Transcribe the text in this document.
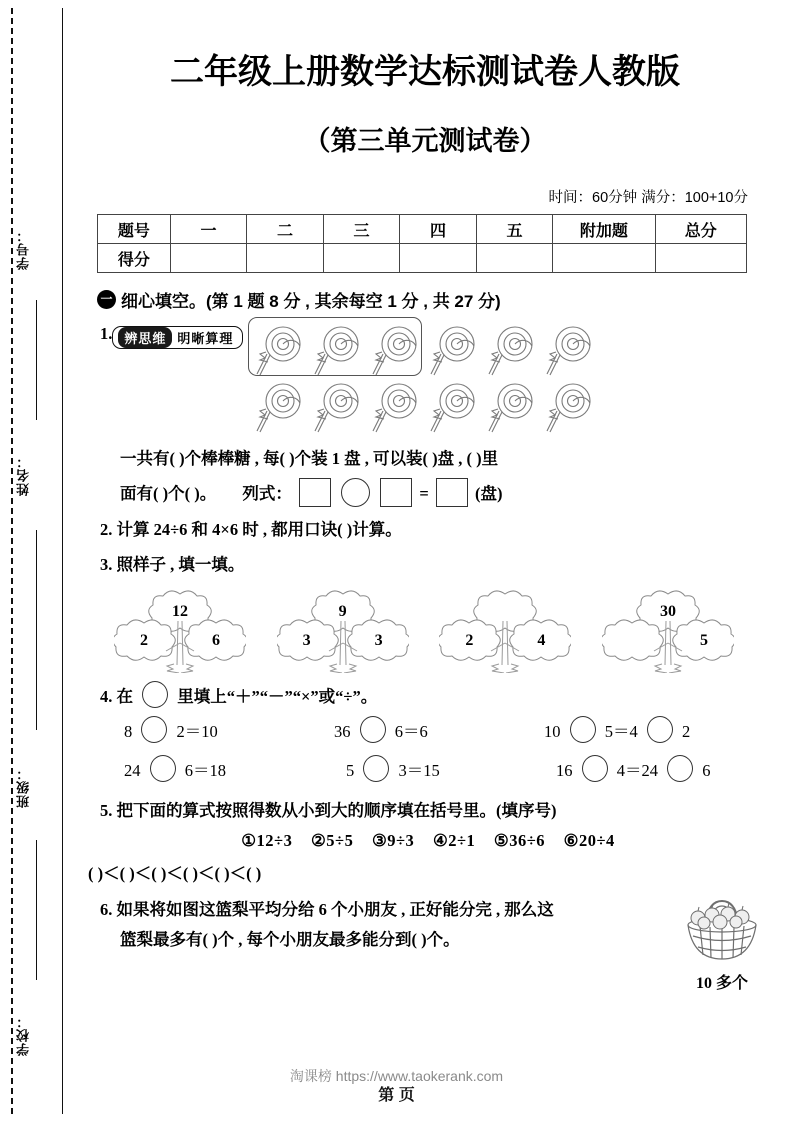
学号：
姓名：
班级：
学校：
二年级上册数学达标测试卷人教版
（第三单元测试卷）
时间：60分钟 满分：100+10分
题号	一	二	三	四	五	附加题	总分
得分							
一 细心填空。(第 1 题 8 分 , 其余每空 1 分 , 共 27 分)
1. 辨思维 明晰算理
一共有( )个棒棒糖 , 每( )个装 1 盘 , 可以装( )盘 , ( )里
面有( )个( )。 列式：	=	(盘)
2. 计算 24÷6 和 4×6 时 , 都用口诀( )计算。
3. 照样子 , 填一填。
12
2	6
9
3	3	2	4
30
5
4. 在	里填上“＋”“－”“×”或“÷”。
8	2＝10	36	6＝6	10	5＝4	2
24	6＝18	5	3＝15	16	4＝24	6
5. 把下面的算式按照得数从小到大的顺序填在括号里。(填序号)
①12÷3 ②5÷5 ③9÷3 ④2÷1 ⑤36÷6 ⑥20÷4
( )＜( )＜( )＜( )＜( )＜( )
10 多个
6. 如果将如图这篮梨平均分给 6 个小朋友 , 正好能分完 , 那么这
篮梨最多有( )个 , 每个小朋友最多能分到( )个。
淘课榜 https://www.taokerank.com
第 页
